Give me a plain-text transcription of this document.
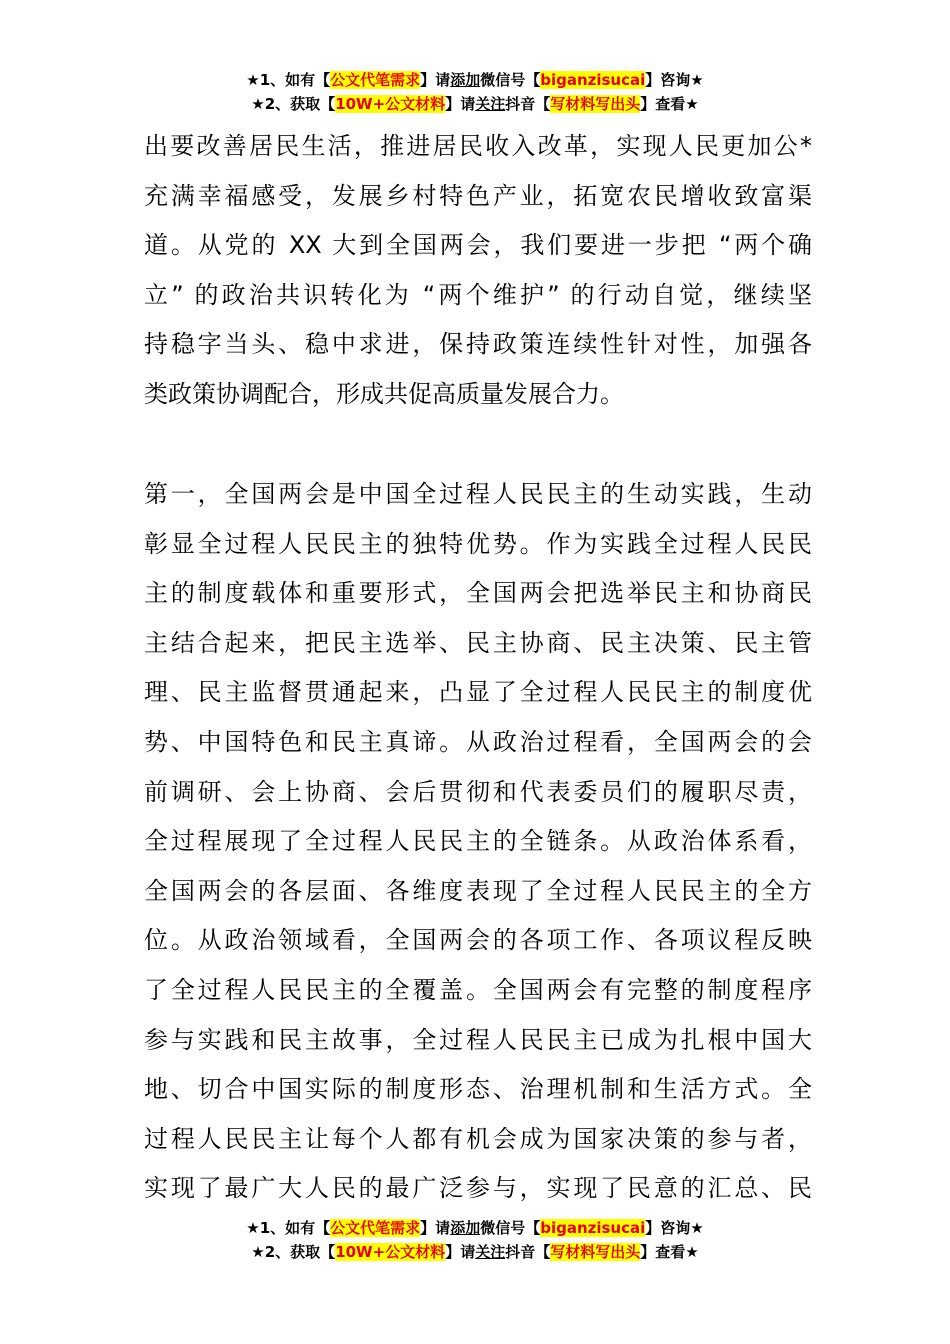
★1、如有【公文代笔需求】请添加微信号【biganzisucai】咨询★
★2、获取【10W+公文材料】请关注抖音【写材料写出头】查看★
出要改善居民生活，推进居民收入改革，实现人民更加公*
充满幸福感受，发展乡村特色产业，拓宽农民增收致富渠
道。从党的 XX 大到全国两会，我们要进一步把 “两个确
立” 的政治共识转化为 “两个维护” 的行动自觉，继续坚
持稳字当头、稳中求进，保持政策连续性针对性，加强各
类政策协调配合，形成共促高质量发展合力。
第一，全国两会是中国全过程人民民主的生动实践，生动
彰显全过程人民民主的独特优势。作为实践全过程人民民
主的制度载体和重要形式，全国两会把选举民主和协商民
主结合起来，把民主选举、民主协商、民主决策、民主管
理、民主监督贯通起来，凸显了全过程人民民主的制度优
势、中国特色和民主真谛。从政治过程看，全国两会的会
前调研、会上协商、会后贯彻和代表委员们的履职尽责，
全过程展现了全过程人民民主的全链条。从政治体系看，
全国两会的各层面、各维度表现了全过程人民民主的全方
位。从政治领域看，全国两会的各项工作、各项议程反映
了全过程人民民主的全覆盖。全国两会有完整的制度程序
参与实践和民主故事，全过程人民民主已成为扎根中国大
地、切合中国实际的制度形态、治理机制和生活方式。全
过程人民民主让每个人都有机会成为国家决策的参与者，
实现了最广大人民的最广泛参与，实现了民意的汇总、民
★1、如有【公文代笔需求】请添加微信号【biganzisucai】咨询★
★2、获取【10W+公文材料】请关注抖音【写材料写出头】查看★
